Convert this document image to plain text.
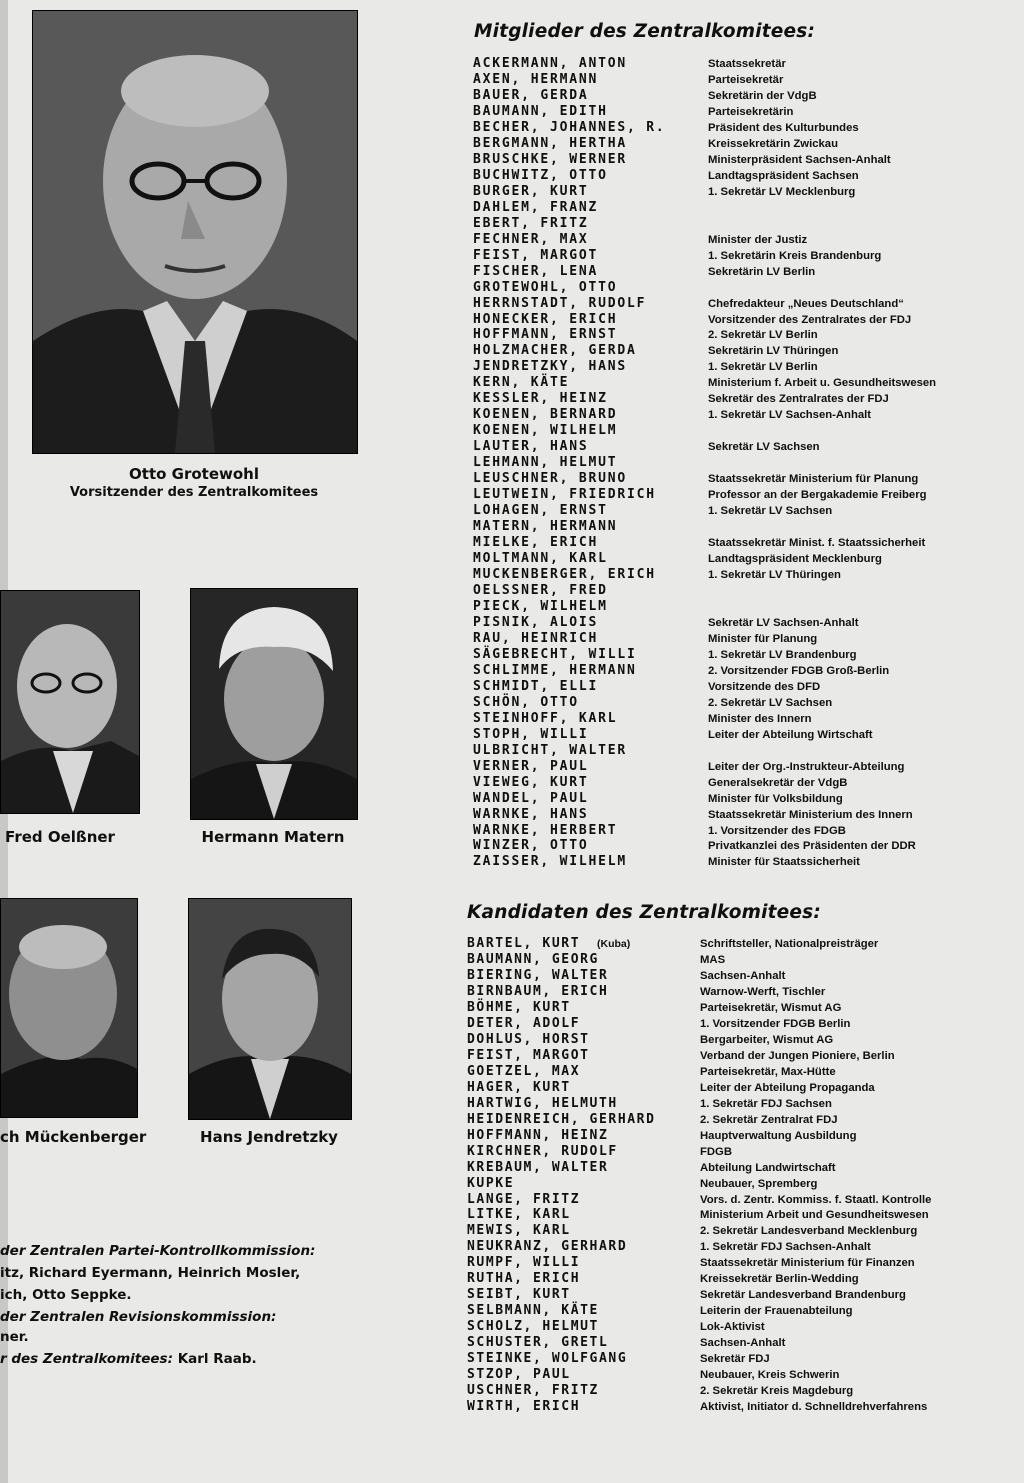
Otto Grotewohl
Vorsitzender des Zentralkomitees
Fred Oelßner	Hermann Matern
ch Mückenberger	Hans Jendretzky
der Zentralen Partei-Kontrollkommission:
itz, Richard Eyermann, Heinrich Mosler,
ich, Otto Seppke.
der Zentralen Revisionskommission:
ner.
r des Zentralkomitees: Karl Raab.
Mitglieder des Zentralkomitees:
ACKERMANN, ANTON	Staatssekretär
AXEN, HERMANN	Parteisekretär
BAUER, GERDA	Sekretärin der VdgB
BAUMANN, EDITH	Parteisekretärin
BECHER, JOHANNES, R.	Präsident des Kulturbundes
BERGMANN, HERTHA	Kreissekretärin Zwickau
BRUSCHKE, WERNER	Ministerpräsident Sachsen-Anhalt
BUCHWITZ, OTTO	Landtagspräsident Sachsen
BURGER, KURT	1. Sekretär LV Mecklenburg
DAHLEM, FRANZ
EBERT, FRITZ
FECHNER, MAX	Minister der Justiz
FEIST, MARGOT	1. Sekretärin Kreis Brandenburg
FISCHER, LENA	Sekretärin LV Berlin
GROTEWOHL, OTTO
HERRNSTADT, RUDOLF	Chefredakteur „Neues Deutschland“
HONECKER, ERICH	Vorsitzender des Zentralrates der FDJ
HOFFMANN, ERNST	2. Sekretär LV Berlin
HOLZMACHER, GERDA	Sekretärin LV Thüringen
JENDRETZKY, HANS	1. Sekretär LV Berlin
KERN, KÄTE	Ministerium f. Arbeit u. Gesundheitswesen
KESSLER, HEINZ	Sekretär des Zentralrates der FDJ
KOENEN, BERNARD	1. Sekretär LV Sachsen-Anhalt
KOENEN, WILHELM
LAUTER, HANS	Sekretär LV Sachsen
LEHMANN, HELMUT
LEUSCHNER, BRUNO	Staatssekretär Ministerium für Planung
LEUTWEIN, FRIEDRICH	Professor an der Bergakademie Freiberg
LOHAGEN, ERNST	1. Sekretär LV Sachsen
MATERN, HERMANN
MIELKE, ERICH	Staatssekretär Minist. f. Staatssicherheit
MOLTMANN, KARL	Landtagspräsident Mecklenburg
MUCKENBERGER, ERICH	1. Sekretär LV Thüringen
OELSSNER, FRED
PIECK, WILHELM
PISNIK, ALOIS	Sekretär LV Sachsen-Anhalt
RAU, HEINRICH	Minister für Planung
SÄGEBRECHT, WILLI	1. Sekretär LV Brandenburg
SCHLIMME, HERMANN	2. Vorsitzender FDGB Groß-Berlin
SCHMIDT, ELLI	Vorsitzende des DFD
SCHÖN, OTTO	2. Sekretär LV Sachsen
STEINHOFF, KARL	Minister des Innern
STOPH, WILLI	Leiter der Abteilung Wirtschaft
ULBRICHT, WALTER
VERNER, PAUL	Leiter der Org.-Instrukteur-Abteilung
VIEWEG, KURT	Generalsekretär der VdgB
WANDEL, PAUL	Minister für Volksbildung
WARNKE, HANS	Staatssekretär Ministerium des Innern
WARNKE, HERBERT	1. Vorsitzender des FDGB
WINZER, OTTO	Privatkanzlei des Präsidenten der DDR
ZAISSER, WILHELM	Minister für Staatssicherheit
Kandidaten des Zentralkomitees:
BARTEL, KURT (Kuba)	Schriftsteller, Nationalpreisträger
BAUMANN, GEORG	MAS
BIERING, WALTER	Sachsen-Anhalt
BIRNBAUM, ERICH	Warnow-Werft, Tischler
BÖHME, KURT	Parteisekretär, Wismut AG
DETER, ADOLF	1. Vorsitzender FDGB Berlin
DOHLUS, HORST	Bergarbeiter, Wismut AG
FEIST, MARGOT	Verband der Jungen Pioniere, Berlin
GOETZEL, MAX	Parteisekretär, Max-Hütte
HAGER, KURT	Leiter der Abteilung Propaganda
HARTWIG, HELMUTH	1. Sekretär FDJ Sachsen
HEIDENREICH, GERHARD	2. Sekretär Zentralrat FDJ
HOFFMANN, HEINZ	Hauptverwaltung Ausbildung
KIRCHNER, RUDOLF	FDGB
KREBAUM, WALTER	Abteilung Landwirtschaft
KUPKE	Neubauer, Spremberg
LANGE, FRITZ	Vors. d. Zentr. Kommiss. f. Staatl. Kontrolle
LITKE, KARL	Ministerium Arbeit und Gesundheitswesen
MEWIS, KARL	2. Sekretär Landesverband Mecklenburg
NEUKRANZ, GERHARD	1. Sekretär FDJ Sachsen-Anhalt
RUMPF, WILLI	Staatssekretär Ministerium für Finanzen
RUTHA, ERICH	Kreissekretär Berlin-Wedding
SEIBT, KURT	Sekretär Landesverband Brandenburg
SELBMANN, KÄTE	Leiterin der Frauenabteilung
SCHOLZ, HELMUT	Lok-Aktivist
SCHUSTER, GRETL	Sachsen-Anhalt
STEINKE, WOLFGANG	Sekretär FDJ
STZOP, PAUL	Neubauer, Kreis Schwerin
USCHNER, FRITZ	2. Sekretär Kreis Magdeburg
WIRTH, ERICH	Aktivist, Initiator d. Schnelldrehverfahrens
